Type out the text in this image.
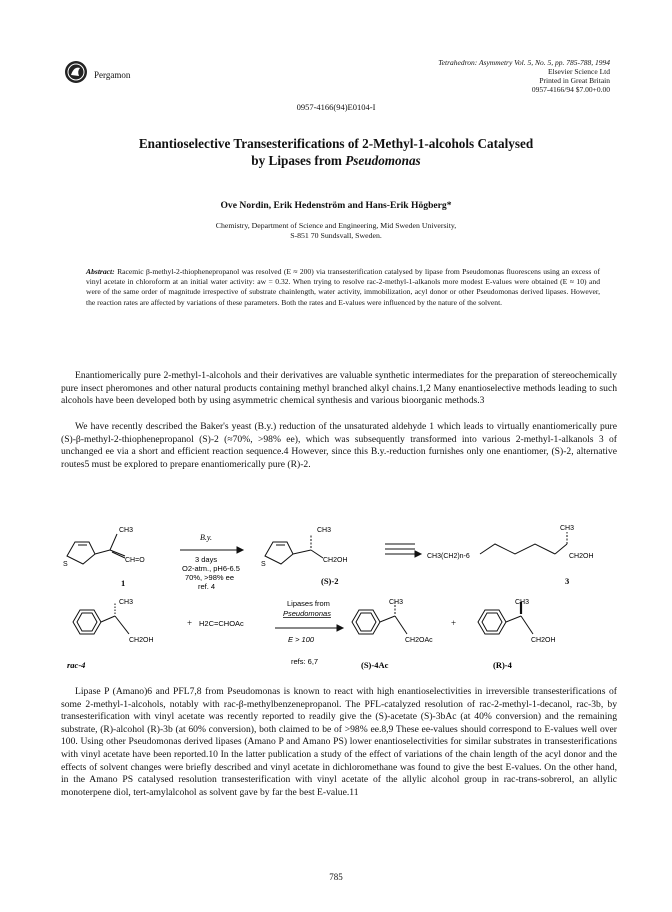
Pergamon
Tetrahedron: Asymmetry Vol. 5, No. 5, pp. 785-788, 1994
Elsevier Science Ltd
Printed in Great Britain
0957-4166/94 $7.00+0.00
0957-4166(94)E0104-I
Enantioselective Transesterifications of 2-Methyl-1-alcohols Catalysed
by Lipases from Pseudomonas
Ove Nordin, Erik Hedenström and Hans-Erik Högberg*
Chemistry, Department of Science and Engineering, Mid Sweden University,
S-851 70 Sundsvall, Sweden.
Abstract: Racemic β-methyl-2-thiophenepropanol was resolved (E ≈ 200) via transesterification catalysed by lipase from Pseudomonas fluorescens using an excess of vinyl acetate in chloroform at an initial water activity: aw = 0.32. When trying to resolve rac-2-methyl-1-alkanols more modest E-values were obtained (E ≈ 10) and were of the same order of magnitude irrespective of substrate chainlength, water activity, immobilization, acyl donor or other Pseudomonas derived lipases. However, the reaction rates are affected by variations of these parameters. Both the rates and E-values were influenced by the nature of the solvent.

Enantiomerically pure 2-methyl-1-alcohols and their derivatives are valuable synthetic intermediates for the preparation of stereochemically pure insect pheromones and other natural products containing methyl branched alkyl chains.1,2 Many enantioselective methods leading to such alcohols have been developed both by using asymmetric chemical synthesis and various bioorganic methods.3

We have recently described the Baker's yeast (B.y.) reduction of the unsaturated aldehyde 1 which leads to virtually enantiomerically pure (S)-β-methyl-2-thiophenepropanol (S)-2 (≈70%, >98% ee), which was subsequently transformed into various 2-methyl-1-alkanols 3 of unchanged ee via a short and efficient reaction sequence.4 However, since this B.y.-reduction furnishes only one enantiomer, (S)-2, alternative routes5 must be explored to prepare enantiomerically pure (R)-2.

S
CH3
CH=O
1
B.y.
3 days
O2-atm., pH6-6.5
70%, >98% ee
ref. 4
S
CH3
CH2OH
(S)-2
CH3(CH2)n-6
CH3
CH2OH
3
CH3
CH2OH
rac-4
+ H2C=CHOAc
Lipases from
Pseudomonas
E > 100
refs: 6,7
CH3
CH2OAc
(S)-4Ac
+
CH3
CH2OH
(R)-4

Lipase P (Amano)6 and PFL7,8 from Pseudomonas is known to react with high enantioselectivities in irreversible transesterifications of some 2-methyl-1-alcohols, notably with rac-β-methylbenzenepropanol. The PFL-catalyzed resolution of rac-2-methyl-1-decanol, rac-3b, by transesterification with vinyl acetate was recently reported to readily give the (S)-acetate (S)-3bAc (at 40% conversion) and the remaining substrate, (R)-alcohol (R)-3b (at 60% conversion), both claimed to be of >98% ee.8,9 These ee-values should correspond to E-values well over 100. Using other Pseudomonas derived lipases (Amano P and Amano PS) lower enantioselectivities for similar substrates in transesterifications with vinyl acetate have been reported.10 In the latter publication a study of the effect of variations of the chain length of the acyl donor and the effects of solvent changes were briefly described and vinyl acetate in dichloromethane was found to give the best E-values. On the other hand, in the Amano PS catalysed resolution transesterification with vinyl acetate of the allylic alcohol group in rac-trans-sobrerol, an allylic monoterpene diol, tert-amylalcohol as solvent gave by far the best E-value.11

785
